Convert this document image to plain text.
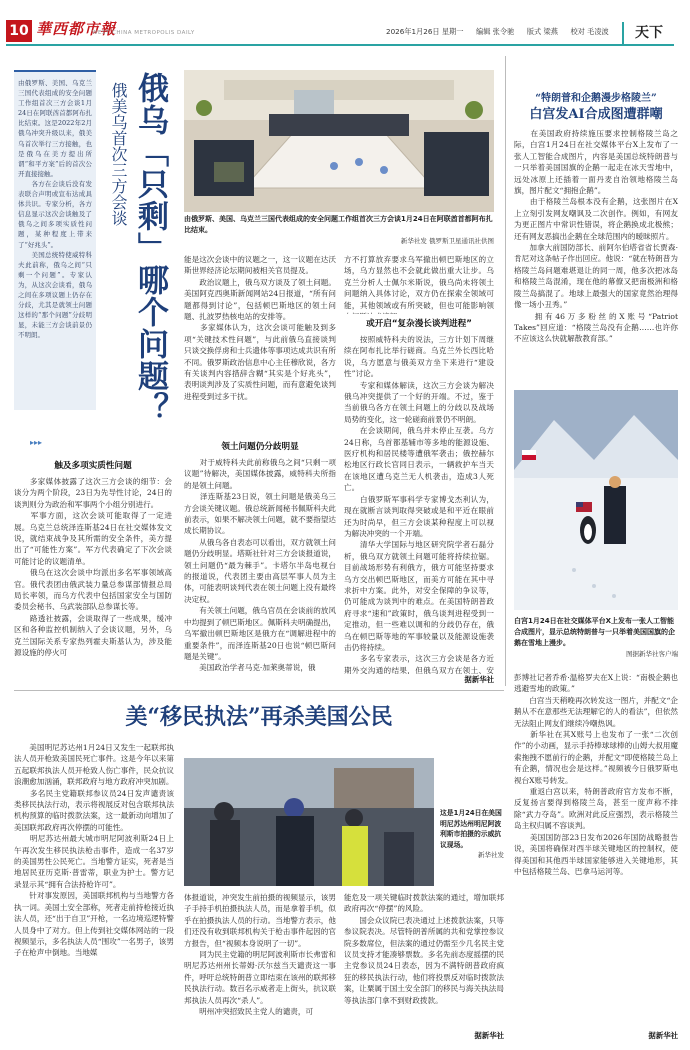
10 華西都市報
WEST CHINA METROPOLIS DAILY	2026年1月26日 星期一 编辑 张令驰 版式 梁燕 校对 毛凌波	天下
由俄罗斯、美国、乌克兰三国代表组成的安全问题工作组首次三方会谈1月24日在阿联酋首都阿布扎比结束。这是2022年2月俄乌冲突升级以来，俄美乌首次举行三方接触，也是俄乌在美方提出所谓“和平方案”后的首次公开直接接触。
　　各方在会谈后没有发表联合声明或宣布达成具体共识。专家分析，各方信息显示这次会谈触及了俄乌之间多项实质性问题，某种程度上带来了“好兆头”。
　　美国总统特使威特科夫此前称，俄乌之间“只剩一个问题”。专家认为，从这次会谈看，俄乌之间在多项议题上仍存在分歧，尤其是就领土问题这样的“那个问题”分歧明显，未能三方会谈前景仍不明朗。
▸▸▸
俄乌「只剩」哪个问题？
俄美乌首次三方会谈	由俄罗斯、美国、乌克兰三国代表组成的安全问题工作组首次三方会谈1月24日在阿联酋首都阿布扎比结束。
新华社发 俄罗斯卫星通讯社供图
触及多项实质性问题
　　多家媒体披露了这次三方会谈的细节：会谈分为两个阶段，23日为先导性讨论，24日的谈判则分为政治和军事两个小组分别进行。
　　军事方面，这次会谈可能取得了一定进展。乌克兰总统泽连斯基24日在社交媒体发文说，就结束战争及其所需的安全条件，美方提出了“可能性方案”。军方代表确定了下次会谈可能讨论的议题清单。
　　俄乌在这次会谈中均派出多名军事领域高官。俄代表团由俄武装力量总参谋部情报总局局长率领，而乌方代表中包括国家安全与国防委员会秘书、乌武装部队总参谋长等。
　　路透社披露，会谈取得了一些成果，缓冲区和各种监控机制纳入了会谈议题，另外，乌克兰国际关系专家热列霍夫斯基认为，涉及能源设施的停火可
能是这次会谈中的议题之一，这一议题在达沃斯世界经济论坛期间被相关官员提及。
　　政治议题上，俄乌双方谈及了领土问题。美国阿克西奥斯新闻网站24日报道，“所有问题都得到讨论”，包括顿巴斯地区的领土问题、扎波罗热核电站的安排等。
　　多家媒体认为，这次会谈可能触及到多项“关键技术性问题”，与此前俄乌直接谈判只谈交换俘虏和士兵遗体等事项达成共识有所不同。俄罗斯政治信息中心主任穆欣说，各方有关谈判内容措辞含糊“其实是个好兆头”，表明谈判涉及了实质性问题，而有意避免谈判进程受到过多干扰。
领土问题仍分歧明显
　　对于威特科夫此前称俄乌之间“只剩一项议题”待解决，美国媒体披露，威特科夫所指的是领土问题。
　　泽连斯基23日说，领土问题是俄美乌三方会谈关键议题。俄总统新闻秘书佩斯科夫此前表示，如果不解决领土问题，就不要指望达成长期协议。
　　从俄乌各自表态可以看出，双方就领土问题仍分歧明显。塔斯社针对三方会谈报道说，领土问题仍“最为棘手”。卡塔尔半岛电视台的报道说，代表团主要由高层军事人员为主体，可能表明谈判代表在领土问题上没有最终决定权。
　　有关领土问题，俄乌官员在会谈前的放风中均提到了顿巴斯地区。佩斯科夫明确提出，乌军撤出顿巴斯地区是俄方在“调解进程中的重要条件”，而泽连斯基20日也说“顿巴斯问题是关键”。
　　美国政治学者马克·加莱奥蒂说，俄
方不打算放弃要求乌军撤出顿巴斯地区的立场，乌方显然也不会就此做出重大让步。乌克兰分析人士佩尔米斯说，俄乌尚未将领土问题纳入具体讨论，双方仍在探索全领域可能，其他领域或有所突破，但也可能影响领
或开启“复杂漫长谈判进程”
　　按照威特科夫的说法，三方计划下周继续在阿布扎比举行磋商。乌克兰外长西比哈说，乌方愿意与俄美双方坐下来进行“建设性”讨论。
　　专家和媒体解读，这次三方会谈为解决俄乌冲突提供了一个好的开端。不过，鉴于当前俄乌各方在领土问题上的分歧以及战场局势的变化，这一轮磋商前景仍不明朗。
　　在会谈期间，俄乌并未停止互袭。乌方24日称，乌首都基辅市等多地的能源设施、医疗机构和居民楼等遭俄军袭击；俄控赫尔松地区行政长官同日表示，一辆救护车当天在该地区遭乌克兰无人机袭击，造成3人死亡。
　　白俄罗斯军事科学专家博戈杰利认为，现在就断言谈判取得突破或是和平近在眼前还为时尚早，但三方会谈某种程度上可以视为解决冲突的一个开端。
　　清华大学国际与地区研究院学者石磊分析，俄乌双方就领土问题可能将持续拉锯。目前战场形势有利俄方，俄方可能坚持要求乌方交出顿巴斯地区，而美方可能在其中寻求折中方案。此外，对安全保障的争议等，仍可能成为谈判中的难点。在美国特朗普政府寻求“速和”政策时，俄乌谈判进程受到一定推动，但一些难以调和的分歧仍存在，俄乌在顿巴斯等地的军事较量以及能源设施袭击仍将持续。
　　多名专家表示，这次三方会谈是各方近期外交沟通的结果，但俄乌双方在领土、安
据新华社
“特朗普和企鹅漫步格陵兰”
白宫发AI合成图遭群嘲
　　在美国政府持续施压要求控制格陵兰岛之际，白宫1月24日在社交媒体平台X上发布了一张人工智能合成图片，内容是美国总统特朗普与一只举着美国国旗的企鹅一起走在冰天雪地中，远处冰原上还插着一面丹麦自治领地格陵兰岛旗，图片配文“拥抱企鹅”。
　　由于格陵兰岛根本没有企鹅，这张图片在X上立刻引发网友嘲讽及二次创作。例如，有网友为更正图片中常识性错误，将企鹅换成北极熊；还有网友恶搞出企鹅在全球范围内的暧昧照片。
　　加拿大前国防部长、前阿尔伯塔省省长贾森·肯尼对这条帖子作出回应。他说：“就在特朗普为格陵兰岛问题难堪退让的同一周，他多次把冰岛和格陵兰岛混淆，现在他的幕僚又把南极洲和格陵兰岛搞混了。地球上最强大的国家竟然治理得像一场小丑秀。”
　　拥有46万多粉丝的X账号“Patriot Takes”回应道：“格陵兰岛没有企鹅……也许你不应该这么快就解散教育部。”
白宫1月24日在社交媒体平台X上发布一张人工智能合成图片，显示总统特朗普与一只举着美国国旗的企鹅在雪地上漫步。
图据新华社客户端
彭博社记者乔希·温格罗夫在X上说：“南极企鹅也逃避雪地的政策。”
　　白宫当天稍晚再次转发这一图片，并配文“企鹅从不在意那些无法理解它的人的看法”，但依然无法阻止网友们继续冷嘲热讽。
　　新华社在其X账号上也发布了一张“二次创作”的小动画，显示手持棒球球棒的山姆大叔用魔索拖拽不愿前行的企鹅，并配文“即使格陵兰岛上有企鹅，情况也会是这样。”视频被今日俄罗斯电视台X账号转发。
　　重返白宫以来，特朗普政府官方发布不断，反复扬言要得到格陵兰岛，甚至一度声称不排除“武力夺岛”。欧洲对此反应强烈，表示格陵兰岛主权归属不容谈判。
　　美国国防部23日发布2026年国防战略报告说，美国将确保对西半球关键地区的控制权，使得美国和其他西半球国家能够进入关键地形，其中包括格陵兰岛、巴拿马运河等。
据新华社
美“移民执法”再杀美国公民
　　美国明尼苏达州1月24日又发生一起联邦执法人员开枪致美国民死亡事件。这是今年以来第五起联邦执法人员开枪致人伤亡事件，民众抗议浪潮愈加汹涌，联邦政府与地方政府冲突加剧。
　　多名民主党籍联邦参议员24日发声谴责该类移民执法行动，表示将视展反对包含联邦执法机构预算的临时拨款法案，这一最新动向增加了美国联邦政府再次停摆的可能性。
　　明尼苏达州最大城市明尼阿波利斯24日上午再次发生移民执法枪击事件，造成一名37岁的美国男性公民死亡。当地警方证实，死者是当地居民亚历克斯·普雷蒂，职业为护士。警方记录显示其“拥有合法持枪许可”。
　　针对事发原因，美国联邦机构与当地警方各执一词。美国土安全部称，死者走前持枪接近执法人员，还“出于自卫”开枪，一名边境巡逻特警人员身中了对方。但上传到社交媒体网站的一段视频显示，多名执法人员“围攻”一名男子，该男子在枪声中倒地。当地媒
这是1月24日在美国明尼苏达州明尼阿波利斯市拍摄的示威抗议现场。
新华社发
体报道说，冲突发生前拍摄的视频显示，该男子手持手机拍摄执法人员，而是拿着手机，似乎在拍摄执法人员的行动。当地警方表示，他们还没有收到联邦机构关于枪击事件起因的官方报告，但“视频本身说明了一切”。
　　同为民主党籍的明尼阿波利斯市长弗雷和明尼苏达州州长蒂姆·沃尔兹当天谴责这一事件，呼吁总统特朗普立即结束在该州的联邦移民执法行动。数百名示威者走上街头，抗议联邦执法人员再次“杀人”。
　　明州冲突招致民主党人的谴责，可
能危及一项关键临时拨款法案的通过，增加联邦政府再次“停摆”的风险。
　　国会众议院已表决通过上述拨款法案，只等参议院表决。尽管特朗普所属的共和党掌控参议院多数席位，但法案的通过仍需至少几名民主党议员支持才能凑够票数。多名先前态度摇摆的民主党参议员24日表态，因为不满特朗普政府疯狂的移民执法行动，他们将投票反对临时拨款法案，让粟属于国土安全部门的移民与海关执法局等执法部门拿不到财政拨款。
据新华社
